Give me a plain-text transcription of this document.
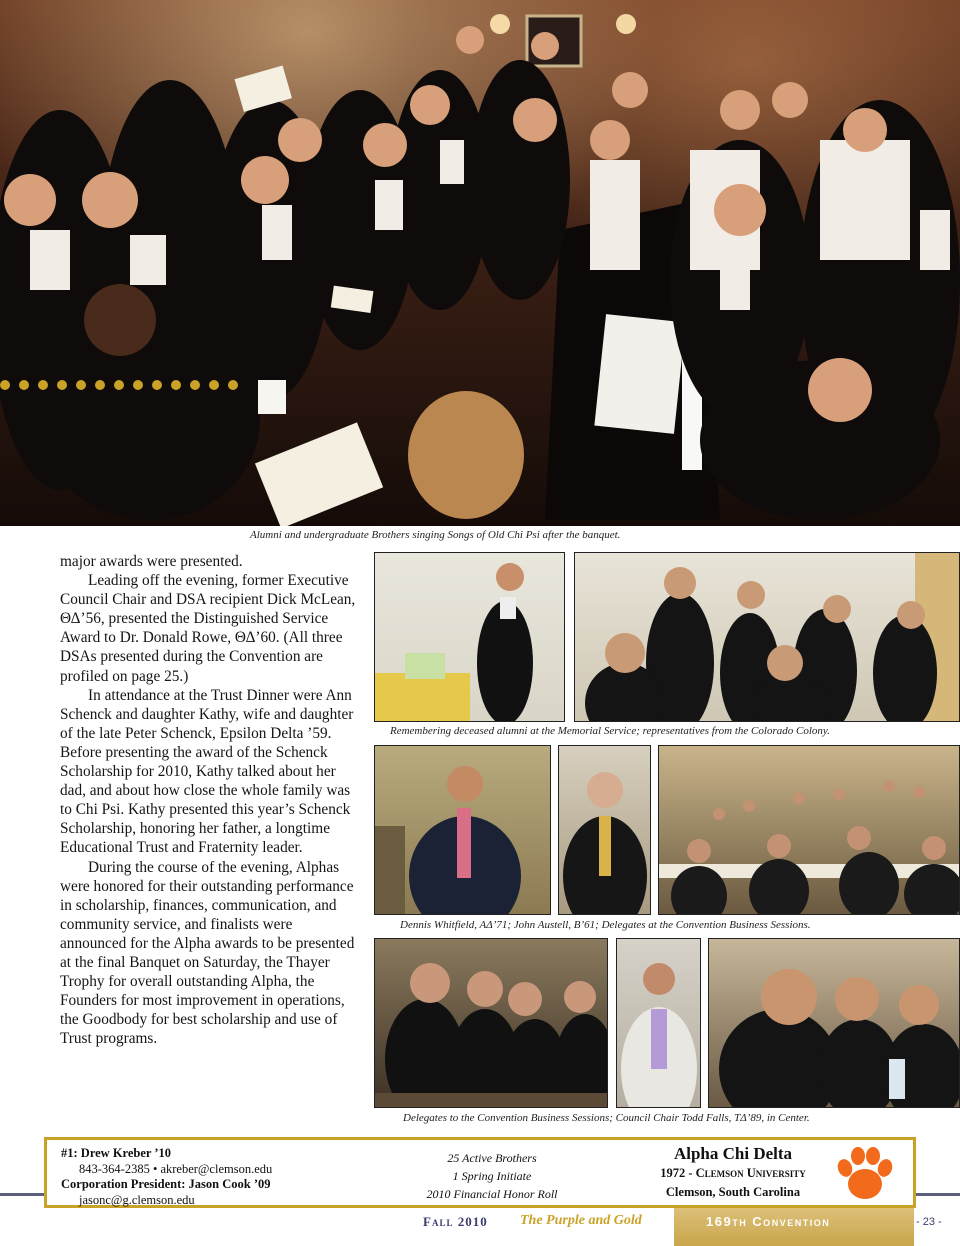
Alumni and undergraduate Brothers singing Songs of Old Chi Psi after the banquet.

major awards were presented.

Leading off the evening, former Executive Council Chair and DSA recipient Dick McLean, ΘΔ’56, presented the Distinguished Service Award to Dr. Donald Rowe, ΘΔ’60. (All three DSAs presented during the Convention are profiled on page 25.)

In attendance at the Trust Dinner were Ann Schenck and daughter Kathy, wife and daughter of the late Peter Schenck, Epsilon Delta ’59. Before presenting the award of the Schenck Scholarship for 2010, Kathy talked about her dad, and about how close the whole family was to Chi Psi. Kathy presented this year’s Schenck Scholarship, honoring her father, a longtime Educational Trust and Fraternity leader.

During the course of the evening, Alphas were honored for their outstanding performance in scholarship, finances, communication, and community service, and finalists were announced for the Alpha awards to be presented at the final Banquet on Saturday, the Thayer Trophy for overall outstanding Alpha, the Founders for most improvement in operations, the Goodbody for best scholarship and use of Trust programs.

Remembering deceased alumni at the Memorial Service; representatives from the Colorado Colony.
Dennis Whitfield, AΔ’71; John Austell, B’61; Delegates at the Convention Business Sessions.
Delegates to the Convention Business Sessions; Council Chair Todd Falls, TΔ’89, in Center.
#1: Drew Kreber ’10
843-364-2385 • akreber@clemson.edu
Corporation President: Jason Cook ’09
jasonc@g.clemson.edu
25 Active Brothers
1 Spring Initiate
2010 Financial Honor Roll
Alpha Chi Delta
1972 - Clemson University
Clemson, South Carolina
Fall 2010 The Purple and Gold	169th Convention	- 23 -
